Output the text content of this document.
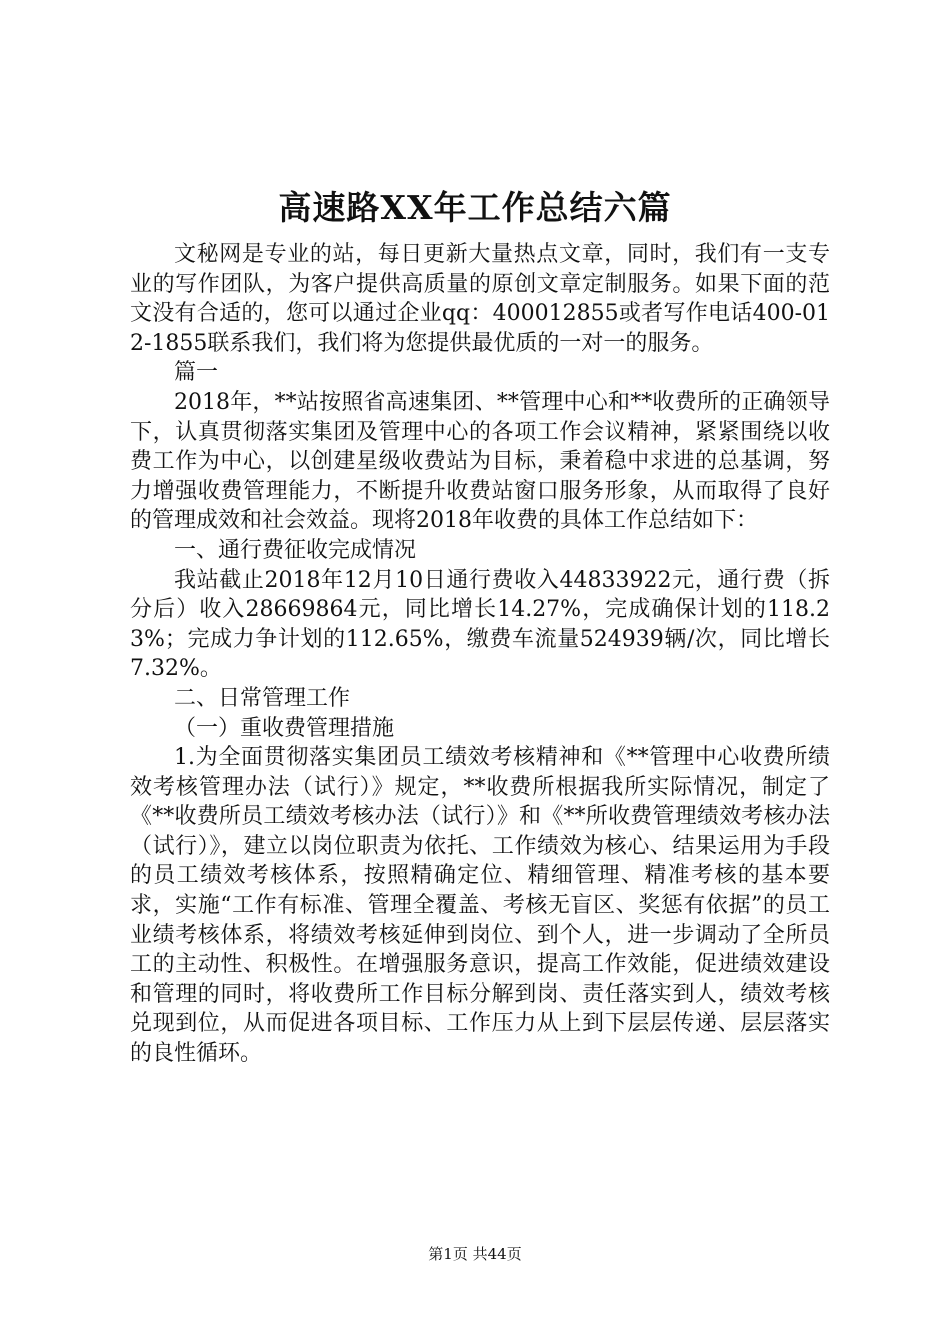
高速路XX年工作总结六篇

文秘网是专业的站，每日更新大量热点文章，同时，我们有一支专业的写作团队，为客户提供高质量的原创文章定制服务。如果下面的范文没有合适的，您可以通过企业qq：400012855或者写作电话400-012-1855联系我们，我们将为您提供最优质的一对一的服务。

篇一

2018年，**站按照省高速集团、**管理中心和**收费所的正确领导下，认真贯彻落实集团及管理中心的各项工作会议精神，紧紧围绕以收费工作为中心，以创建星级收费站为目标，秉着稳中求进的总基调，努力增强收费管理能力，不断提升收费站窗口服务形象，从而取得了良好的管理成效和社会效益。现将2018年收费的具体工作总结如下：

一、通行费征收完成情况

我站截止2018年12月10日通行费收入44833922元，通行费（拆分后）收入28669864元，同比增长14.27%，完成确保计划的118.23%；完成力争计划的112.65%，缴费车流量524939辆/次，同比增长7.32%。

二、日常管理工作

（一）重收费管理措施

1.为全面贯彻落实集团员工绩效考核精神和《**管理中心收费所绩效考核管理办法（试行）》规定，**收费所根据我所实际情况，制定了《**收费所员工绩效考核办法（试行）》和《**所收费管理绩效考核办法（试行）》，建立以岗位职责为依托、工作绩效为核心、结果运用为手段的员工绩效考核体系，按照精确定位、精细管理、精准考核的基本要求，实施“工作有标准、管理全覆盖、考核无盲区、奖惩有依据”的员工业绩考核体系，将绩效考核延伸到岗位、到个人，进一步调动了全所员工的主动性、积极性。在增强服务意识，提高工作效能，促进绩效建设和管理的同时，将收费所工作目标分解到岗、责任落实到人，绩效考核兑现到位，从而促进各项目标、工作压力从上到下层层传递、层层落实的良性循环。

第1页 共44页
